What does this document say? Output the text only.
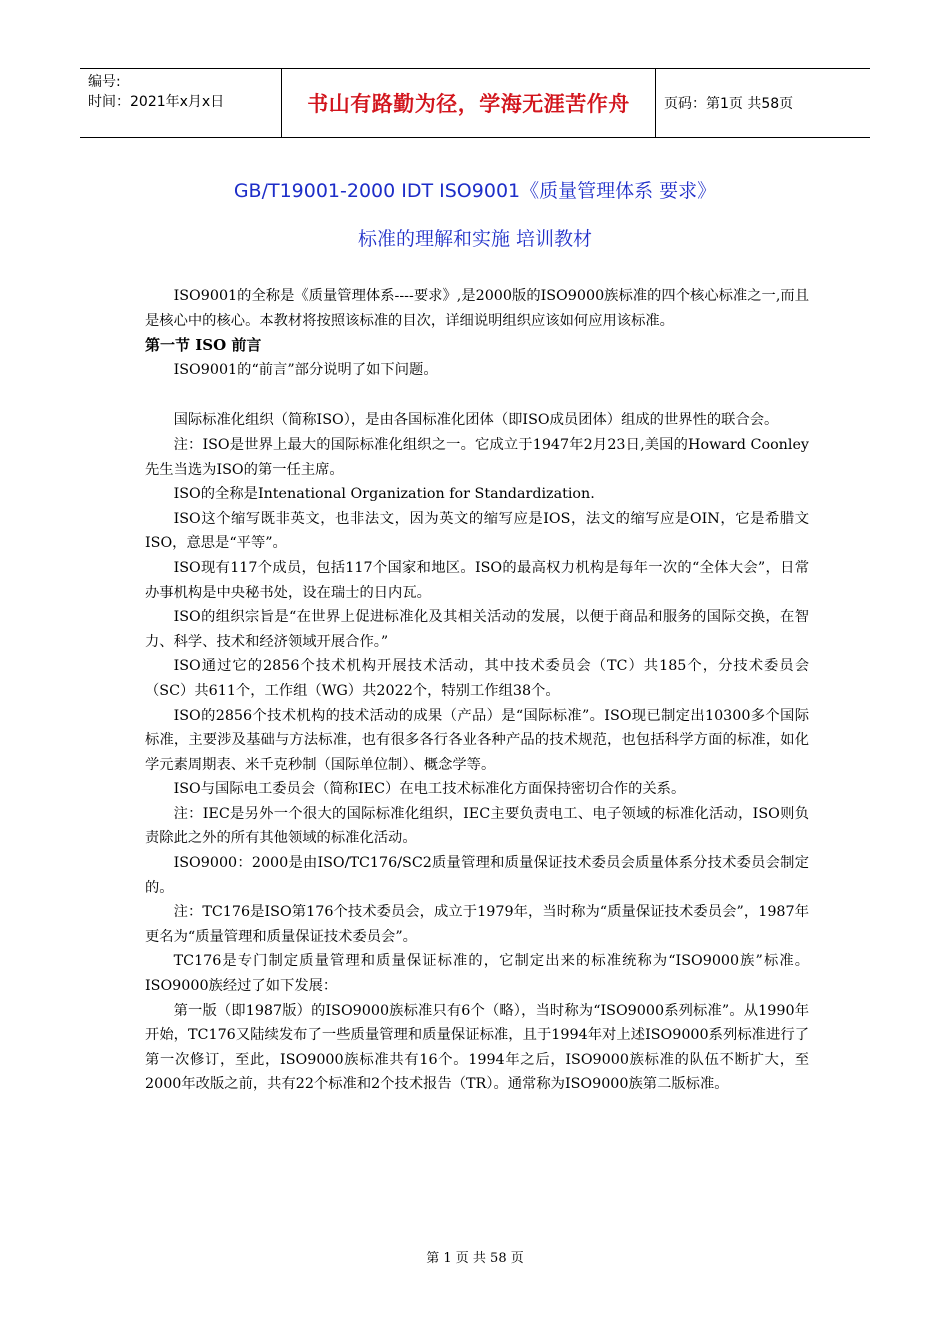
编号:
时间：2021年x月x日	书山有路勤为径，学海无涯苦作舟	页码：第1页 共58页
GB/T19001-2000 IDT ISO9001《质量管理体系 要求》
标准的理解和实施 培训教材

ISO9001的全称是《质量管理体系----要求》,是2000版的ISO9000族标准的四个核心标准之一,而且是核心中的核心。本教材将按照该标准的目次，详细说明组织应该如何应用该标准。

第一节 ISO 前言

ISO9001的“前言”部分说明了如下问题。

国际标准化组织（简称ISO），是由各国标准化团体（即ISO成员团体）组成的世界性的联合会。

注：ISO是世界上最大的国际标准化组织之一。它成立于1947年2月23日,美国的Howard Coonley 先生当选为ISO的第一任主席。

ISO的全称是Intenational Organization for Standardization.

ISO这个缩写既非英文，也非法文，因为英文的缩写应是IOS，法文的缩写应是OIN，它是希腊文ISO，意思是“平等”。

ISO现有117个成员，包括117个国家和地区。ISO的最高权力机构是每年一次的“全体大会”，日常办事机构是中央秘书处，设在瑞士的日内瓦。

ISO的组织宗旨是“在世界上促进标准化及其相关活动的发展，以便于商品和服务的国际交换，在智力、科学、技术和经济领域开展合作。”

ISO通过它的2856个技术机构开展技术活动，其中技术委员会（TC）共185个，分技术委员会（SC）共611个，工作组（WG）共2022个，特别工作组38个。

ISO的2856个技术机构的技术活动的成果（产品）是“国际标准”。ISO现已制定出10300多个国际标准，主要涉及基础与方法标准，也有很多各行各业各种产品的技术规范，也包括科学方面的标准，如化学元素周期表、米千克秒制（国际单位制）、概念学等。

ISO与国际电工委员会（简称IEC）在电工技术标准化方面保持密切合作的关系。

注：IEC是另外一个很大的国际标准化组织，IEC主要负责电工、电子领域的标准化活动，ISO则负责除此之外的所有其他领域的标准化活动。

ISO9000：2000是由ISO/TC176/SC2质量管理和质量保证技术委员会质量体系分技术委员会制定的。

注：TC176是ISO第176个技术委员会，成立于1979年，当时称为“质量保证技术委员会”，1987年更名为“质量管理和质量保证技术委员会”。

TC176是专门制定质量管理和质量保证标准的，它制定出来的标准统称为“ISO9000族”标准。ISO9000族经过了如下发展：

第一版（即1987版）的ISO9000族标准只有6个（略），当时称为“ISO9000系列标准”。从1990年开始，TC176又陆续发布了一些质量管理和质量保证标准，且于1994年对上述ISO9000系列标准进行了第一次修订，至此，ISO9000族标准共有16个。1994年之后，ISO9000族标准的队伍不断扩大，至2000年改版之前，共有22个标准和2个技术报告（TR）。通常称为ISO9000族第二版标准。

第 1 页 共 58 页
